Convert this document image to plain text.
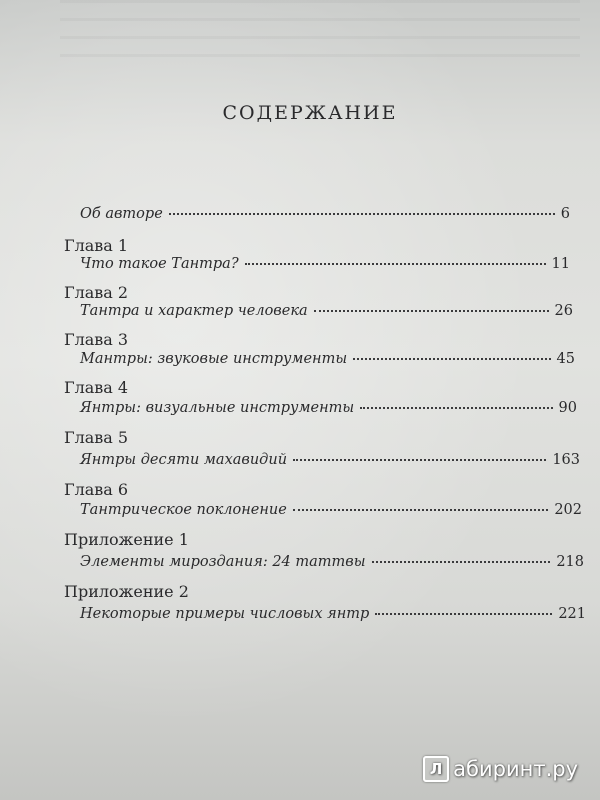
СОДЕРЖАНИЕ
Об авторе	6
Глава 1
Что такое Тантра?	11
Глава 2
Тантра и характер человека	26
Глава 3
Мантры: звуковые инструменты	45
Глава 4
Янтры: визуальные инструменты	90
Глава 5
Янтры десяти махавидий	163
Глава 6
Тантрическое поклонение	202
Приложение 1
Элементы мироздания: 24 таттвы	218
Приложение 2
Некоторые примеры числовых янтр	221
Л абиринт.ру
